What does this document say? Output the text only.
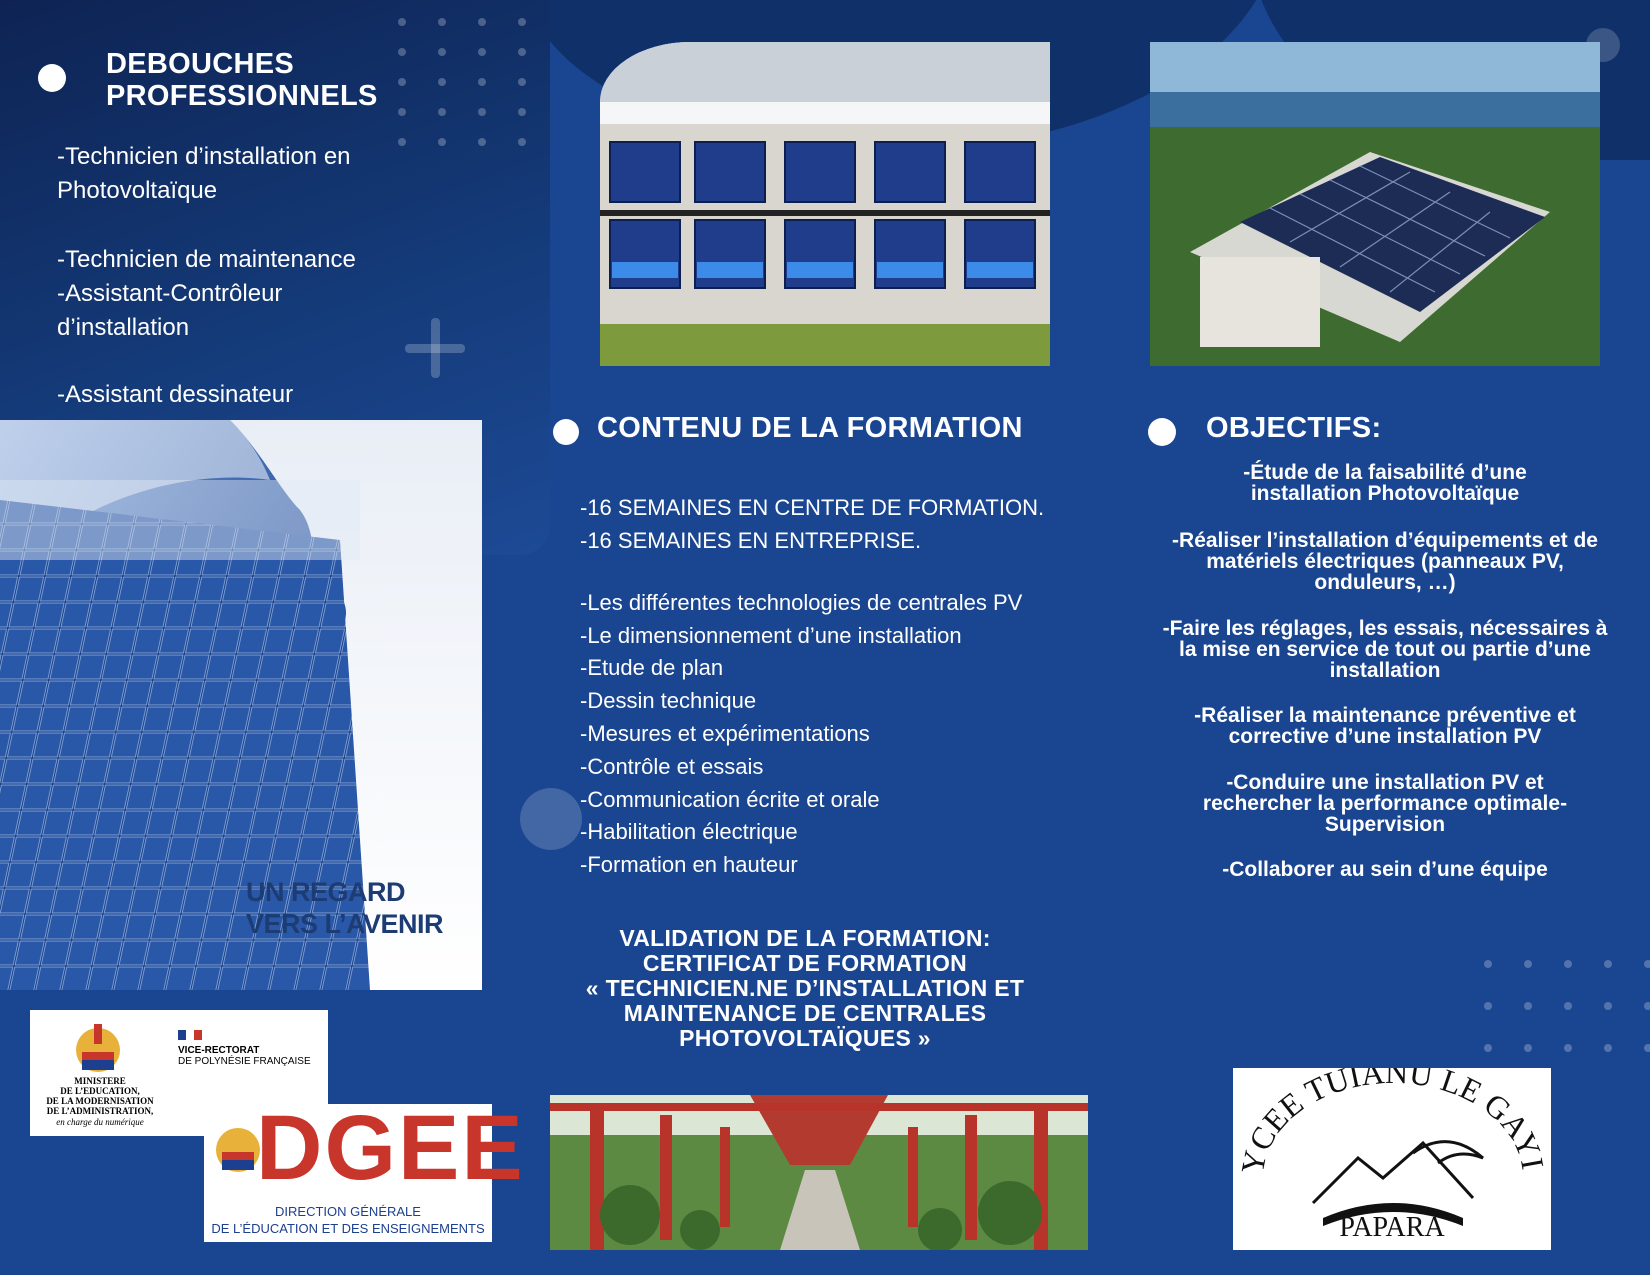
DEBOUCHES
PROFESSIONNELS
-Technicien d’installation en Photovoltaïque
-Technicien de maintenance
-Assistant-Contrôleur d’installation
-Assistant dessinateur
UN REGARD
VERS L’AVENIR
CONTENU DE LA FORMATION
-16 SEMAINES EN CENTRE DE FORMATION.
-16 SEMAINES EN ENTREPRISE.
-Les différentes technologies de centrales PV
-Le dimensionnement d’une installation
-Etude de plan
-Dessin technique
-Mesures et expérimentations
-Contrôle et essais
-Communication écrite et orale
-Habilitation électrique
-Formation en hauteur
VALIDATION DE LA FORMATION:
CERTIFICAT DE FORMATION
« TECHNICIEN.NE D’INSTALLATION ET
MAINTENANCE DE CENTRALES
PHOTOVOLTAÏQUES »
OBJECTIFS:
-Étude de la faisabilité d’une installation Photovoltaïque
-Réaliser l’installation d’équipements et de matériels électriques (panneaux PV, onduleurs, …)
-Faire les réglages, les essais, nécessaires à la mise en service de tout ou partie d’une installation
-Réaliser la maintenance préventive et corrective d’une installation PV
-Conduire une installation PV et rechercher la performance optimale-Supervision
-Collaborer au sein d’une équipe
MINISTERE
DE L’EDUCATION,
DE LA MODERNISATION
DE L’ADMINISTRATION,
en charge du numérique
VICE-RECTORAT
DE POLYNÉSIE FRANÇAISE
DGEE
DIRECTION GÉNÉRALE
DE L’ÉDUCATION ET DES ENSEIGNEMENTS
YCEE TUIANU LE GAYI
PAPARA
